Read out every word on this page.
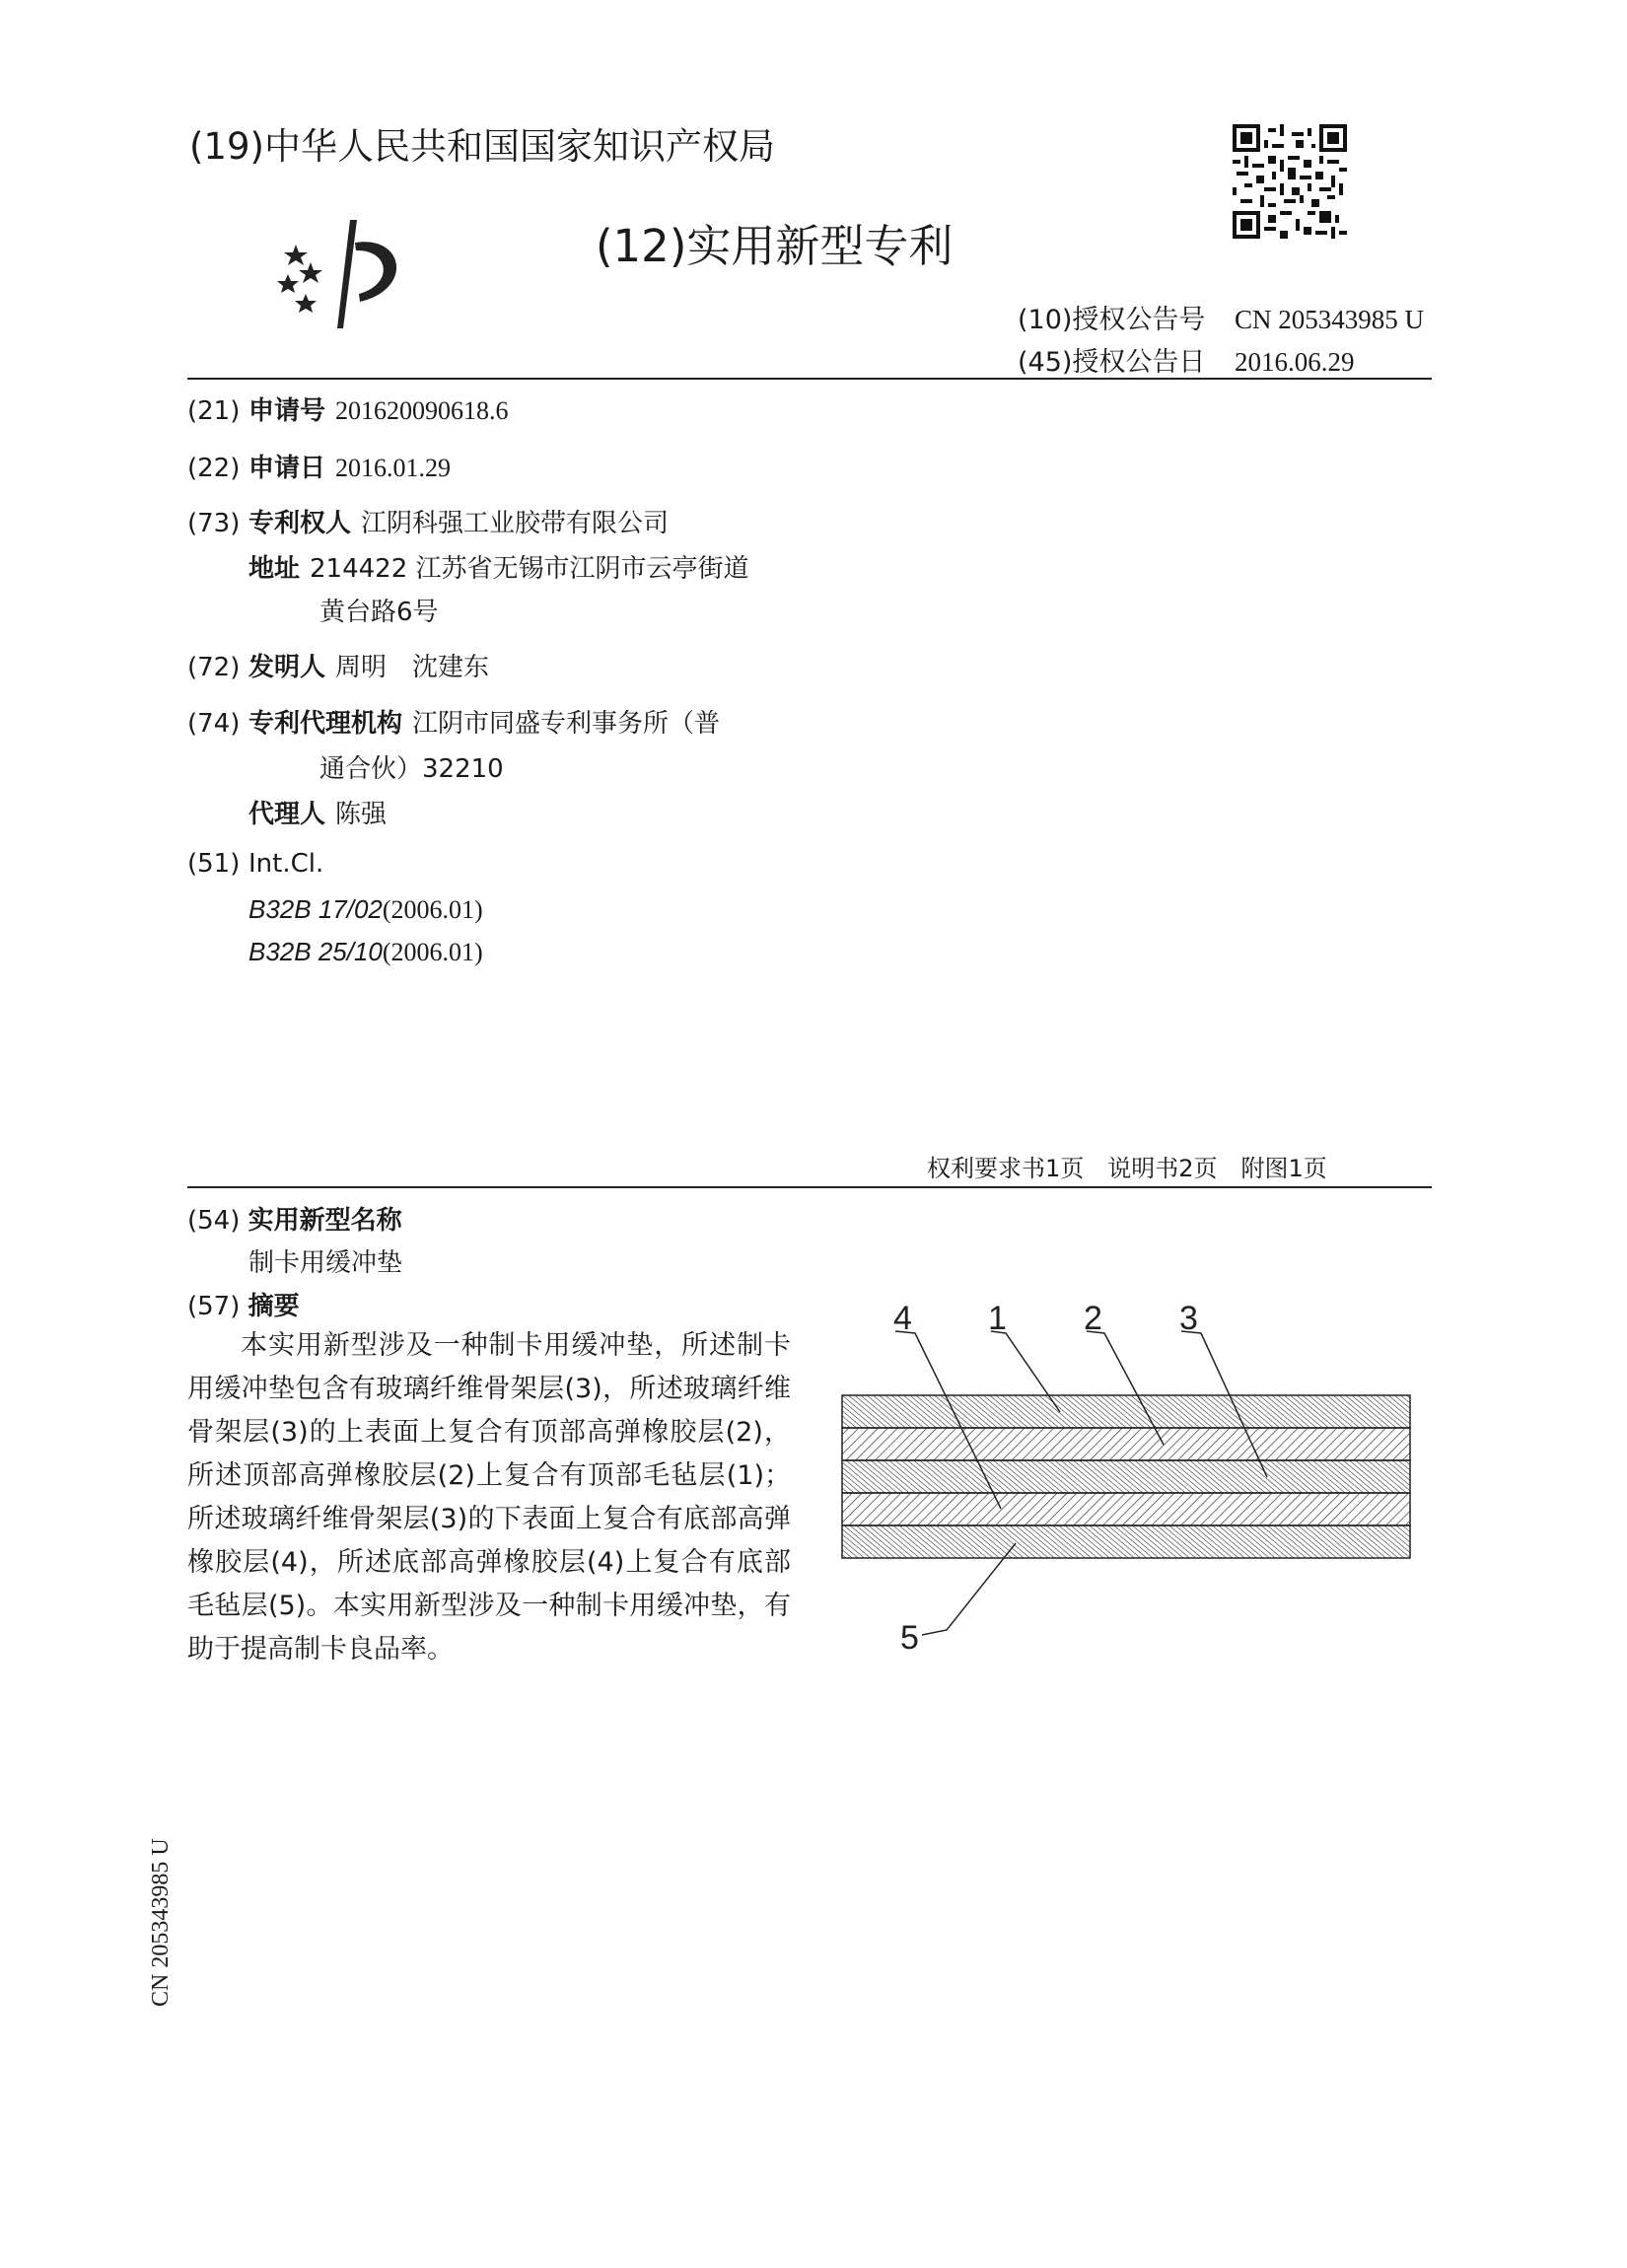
(19)中华人民共和国国家知识产权局
(12)实用新型专利
(10)授权公告号 CN 205343985 U
(45)授权公告日 2016.06.29
(21) 申请号 201620090618.6
(22) 申请日 2016.01.29
(73) 专利权人 江阴科强工业胶带有限公司
地址 214422 江苏省无锡市江阴市云亭街道
黄台路6号
(72) 发明人 周明　沈建东
(74) 专利代理机构 江阴市同盛专利事务所（普
通合伙）32210
代理人 陈强
(51) Int.Cl.
B32B 17/02(2006.01)
B32B 25/10(2006.01)
权利要求书1页　说明书2页　附图1页
(54) 实用新型名称
制卡用缓冲垫
(57) 摘要
本实用新型涉及一种制卡用缓冲垫，所述制卡用缓冲垫包含有玻璃纤维骨架层(3)，所述玻璃纤维骨架层(3)的上表面上复合有顶部高弹橡胶层(2)，所述顶部高弹橡胶层(2)上复合有顶部毛毡层(1)；所述玻璃纤维骨架层(3)的下表面上复合有底部高弹橡胶层(4)，所述底部高弹橡胶层(4)上复合有底部毛毡层(5)。本实用新型涉及一种制卡用缓冲垫，有助于提高制卡良品率。
4 1 2 3
5
CN 205343985 U
